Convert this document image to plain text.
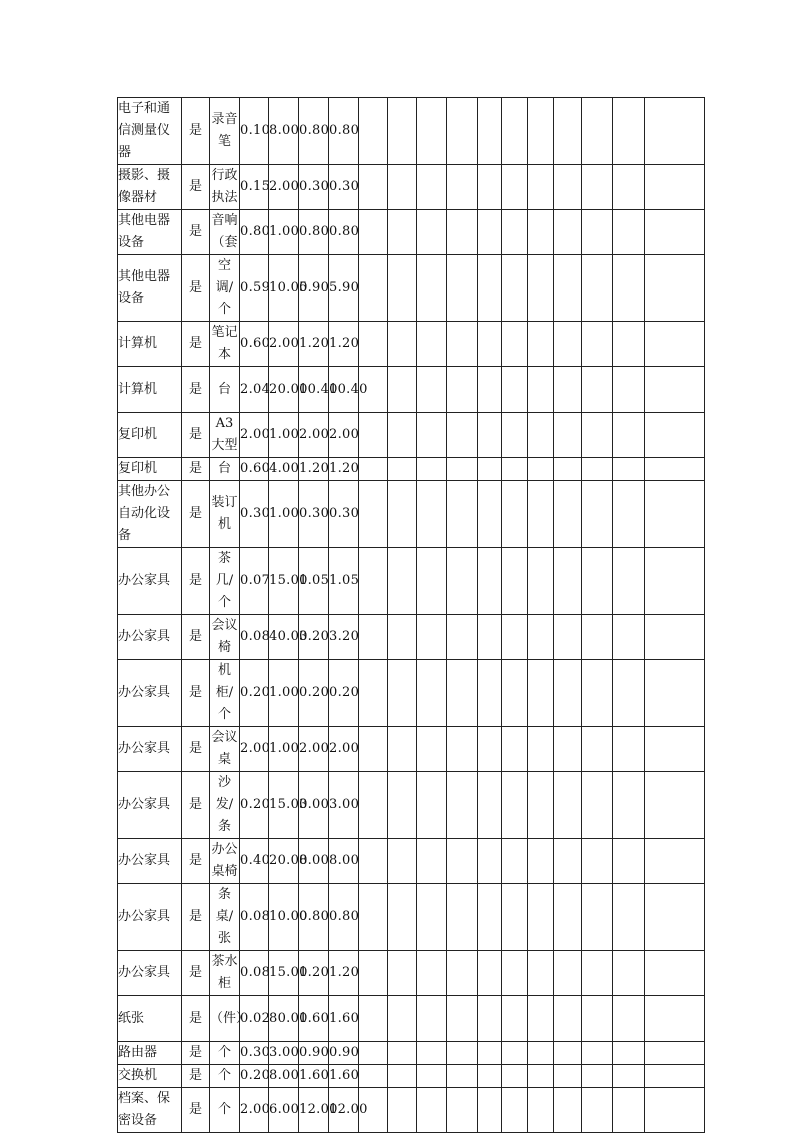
电子和通信测量仪器	是	录音笔	0.10	8.00	0.80	0.80											
摄影、摄像器材	是	行政执法	0.15	2.00	0.30	0.30											
其他电器设备	是	音响（套	0.80	1.00	0.80	0.80											
其他电器设备	是	空调/个	0.59	10.00	5.90	5.90											
计算机	是	笔记本	0.60	2.00	1.20	1.20											
计算机	是	台	2.04	20.00	10.40	10.40											
复印机	是	A3大型	2.00	1.00	2.00	2.00											
复印机	是	台	0.60	4.00	1.20	1.20											
其他办公自动化设备	是	装订机	0.30	1.00	0.30	0.30											
办公家具	是	茶几/个	0.07	15.00	1.05	1.05											
办公家具	是	会议椅	0.08	40.00	3.20	3.20											
办公家具	是	机柜/个	0.20	1.00	0.20	0.20											
办公家具	是	会议桌	2.00	1.00	2.00	2.00											
办公家具	是	沙发/条	0.20	15.00	3.00	3.00											
办公家具	是	办公桌椅	0.40	20.00	8.00	8.00											
办公家具	是	条桌/张	0.08	10.00	0.80	0.80											
办公家具	是	茶水柜	0.08	15.00	1.20	1.20											
纸张	是	（件）	0.02	80.00	1.60	1.60											
路由器	是	个	0.30	3.00	0.90	0.90											
交换机	是	个	0.20	8.00	1.60	1.60											
档案、保密设备	是	个	2.00	6.00	12.00	12.00											
